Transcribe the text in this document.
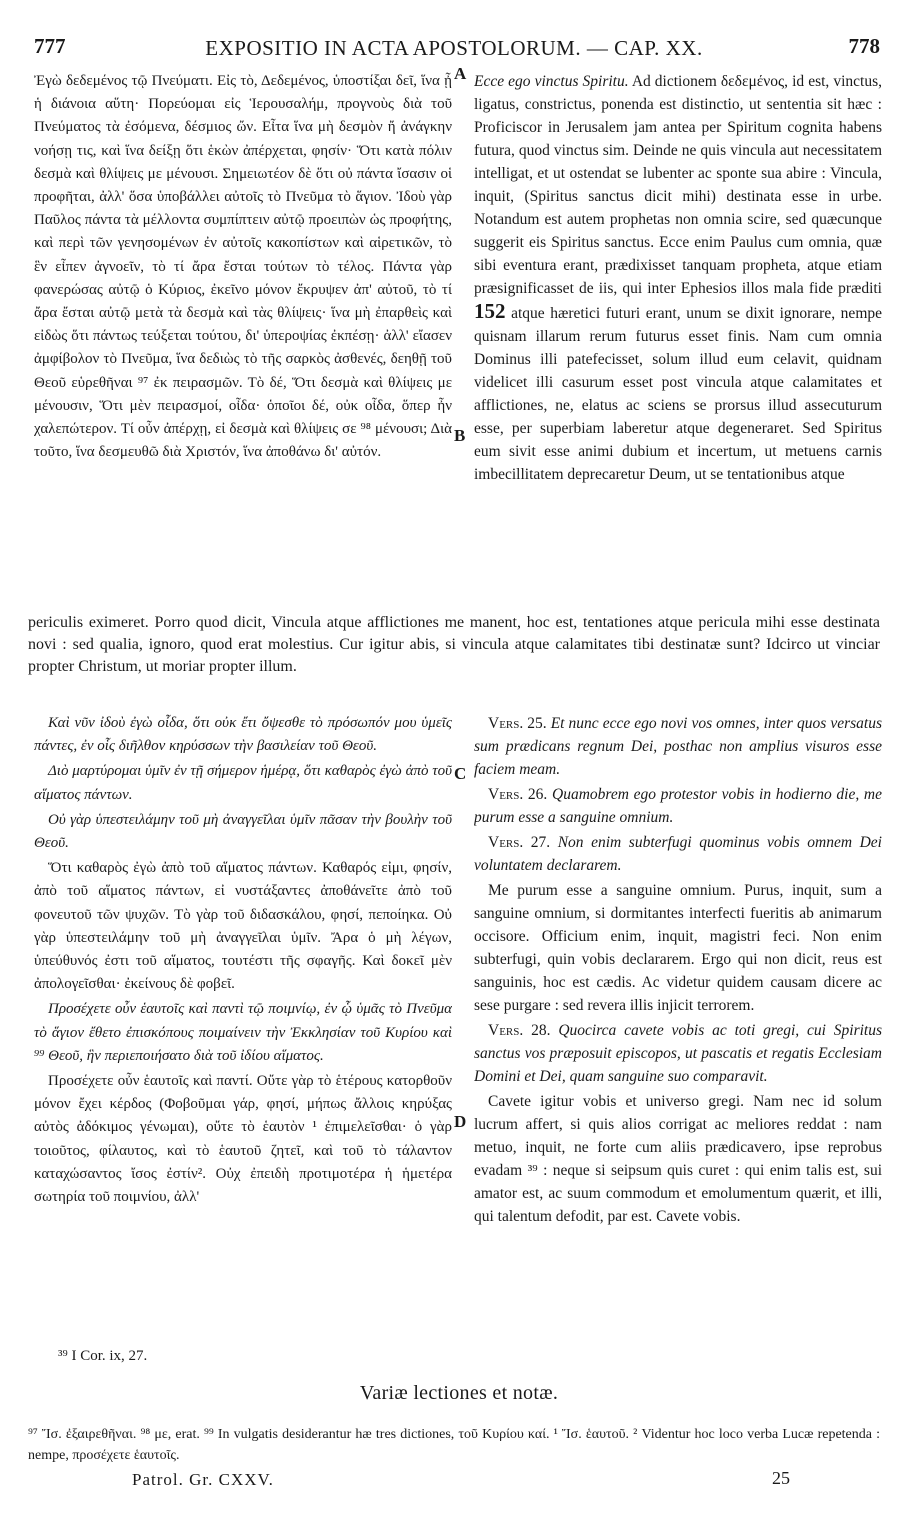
777	EXPOSITIO IN ACTA APOSTOLORUM. — CAP. XX.	778

Ἐγὼ δεδεμένος τῷ Πνεύματι. Εἰς τὸ, Δεδεμένος, ὑποστίξαι δεῖ, ἵνα ᾖ ἡ διάνοια αὕτη· Πορεύομαι εἰς Ἱερουσαλήμ, προγνοὺς διὰ τοῦ Πνεύματος τὰ ἐσόμενα, δέσμιος ὤν. Εἶτα ἵνα μὴ δεσμὸν ἤ ἀνάγκην νοήσῃ τις, καὶ ἵνα δείξῃ ὅτι ἑκὼν ἀπέρχεται, φησίν· Ὅτι κατὰ πόλιν δεσμὰ καὶ θλίψεις με μένουσι. Σημειωτέον δὲ ὅτι οὐ πάντα ἴσασιν οἱ προφῆται, ἀλλ' ὅσα ὑποβάλλει αὐτοῖς τὸ Πνεῦμα τὸ ἅγιον. Ἰδοὺ γὰρ Παῦλος πάντα τὰ μέλλοντα συμπίπτειν αὐτῷ προειπὼν ὡς προφήτης, καὶ περὶ τῶν γενησομένων ἐν αὐτοῖς κακοπίστων καὶ αἱρετικῶν, τὸ ἓν εἶπεν ἀγνοεῖν, τὸ τί ἄρα ἔσται τούτων τὸ τέλος. Πάντα γὰρ φανερώσας αὐτῷ ὁ Κύριος, ἐκεῖνο μόνον ἔκρυψεν ἀπ' αὐτοῦ, τὸ τί ἄρα ἔσται αὐτῷ μετὰ τὰ δεσμὰ καὶ τὰς θλίψεις· ἵνα μὴ ἐπαρθεὶς καὶ εἰδὼς ὅτι πάντως τεύξεται τούτου, δι' ὑπεροψίας ἐκπέσῃ· ἀλλ' εἴασεν ἀμφίβολον τὸ Πνεῦμα, ἵνα δεδιὼς τὸ τῆς σαρκὸς ἀσθενές, δεηθῇ τοῦ Θεοῦ εὑρεθῆναι ⁹⁷ ἐκ πειρασμῶν. Τὸ δέ, Ὅτι δεσμὰ καὶ θλίψεις με μένουσιν, Ὅτι μὲν πειρασμοί, οἶδα· ὁποῖοι δέ, οὐκ οἶδα, ὅπερ ἦν χαλεπώτερον. Τί οὖν ἀπέρχῃ, εἰ δεσμὰ καὶ θλίψεις σε ⁹⁸ μένουσι; Διὰ τοῦτο, ἵνα δεσμευθῶ διὰ Χριστόν, ἵνα ἀποθάνω δι' αὐτόν.

Ecce ego vinctus Spiritu. Ad dictionem δεδεμένος, id est, vinctus, ligatus, constrictus, ponenda est distinctio, ut sententia sit hæc : Proficiscor in Jerusalem jam antea per Spiritum cognita habens futura, quod vinctus sim. Deinde ne quis vincula aut necessitatem intelligat, et ut ostendat se lubenter ac sponte sua abire : Vincula, inquit, (Spiritus sanctus dicit mihi) destinata esse in urbe. Notandum est autem prophetas non omnia scire, sed quæcunque suggerit eis Spiritus sanctus. Ecce enim Paulus cum omnia, quæ sibi eventura erant, prædixisset tanquam propheta, atque etiam præsignificasset de iis, qui inter Ephesios illos mala fide præditi 152 atque hæretici futuri erant, unum se dixit ignorare, nempe quisnam illarum rerum futurus esset finis. Nam cum omnia Dominus illi patefecisset, solum illud eum celavit, quidnam videlicet illi casurum esset post vincula atque calamitates et afflictiones, ne, elatus ac sciens se prorsus illud assecuturum esse, per superbiam laberetur atque degeneraret. Sed Spiritus eum sivit esse animi dubium et incertum, ut metuens carnis imbecillitatem deprecaretur Deum, ut se tentationibus atque

A
B
periculis eximeret. Porro quod dicit, Vincula atque afflictiones me manent, hoc est, tentationes atque pericula mihi esse destinata novi : sed qualia, ignoro, quod erat molestius. Cur igitur abis, si vincula atque calamitates tibi destinatæ sunt? Idcirco ut vinciar propter Christum, ut moriar propter illum.

Καὶ νῦν ἰδοὺ ἐγὼ οἶδα, ὅτι οὐκ ἔτι ὄψεσθε τὸ πρόσωπόν μου ὑμεῖς πάντες, ἐν οἷς διῆλθον κηρύσσων τὴν βασιλείαν τοῦ Θεοῦ.

Διὸ μαρτύρομαι ὑμῖν ἐν τῇ σήμερον ἡμέρᾳ, ὅτι καθαρὸς ἐγὼ ἀπὸ τοῦ αἵματος πάντων.

Οὐ γὰρ ὑπεστειλάμην τοῦ μὴ ἀναγγεῖλαι ὑμῖν πᾶσαν τὴν βουλὴν τοῦ Θεοῦ.

Ὅτι καθαρὸς ἐγὼ ἀπὸ τοῦ αἵματος πάντων. Καθαρός εἰμι, φησίν, ἀπὸ τοῦ αἵματος πάντων, εἰ νυστάξαντες ἀποθάνεῖτε ἀπὸ τοῦ φονευτοῦ τῶν ψυχῶν. Τὸ γὰρ τοῦ διδασκάλου, φησί, πεποίηκα. Οὐ γὰρ ὑπεστειλάμην τοῦ μὴ ἀναγγεῖλαι ὑμῖν. Ἄρα ὁ μὴ λέγων, ὑπεύθυνός ἐστι τοῦ αἵματος, τουτέστι τῆς σφαγῆς. Καὶ δοκεῖ μὲν ἀπολογεῖσθαι· ἐκείνους δὲ φοβεῖ.

Προσέχετε οὖν ἑαυτοῖς καὶ παντὶ τῷ ποιμνίῳ, ἐν ᾧ ὑμᾶς τὸ Πνεῦμα τὸ ἅγιον ἔθετο ἐπισκόπους ποιμαίνειν τὴν Ἐκκλησίαν τοῦ Κυρίου καὶ ⁹⁹ Θεοῦ, ἣν περιεποιήσατο διὰ τοῦ ἰδίου αἵματος.

Προσέχετε οὖν ἑαυτοῖς καὶ παντί. Οὔτε γὰρ τὸ ἑτέρους κατορθοῦν μόνον ἔχει κέρδος (Φοβοῦμαι γάρ, φησί, μήπως ἄλλοις κηρύξας αὐτὸς ἀδόκιμος γένωμαι), οὔτε τὸ ἑαυτὸν ¹ ἐπιμελεῖσθαι· ὁ γὰρ τοιοῦτος, φίλαυτος, καὶ τὸ ἑαυτοῦ ζητεῖ, καὶ τοῦ τὸ τάλαντον καταχώσαντος ἴσος ἐστίν². Οὐχ ἐπειδὴ προτιμοτέρα ἡ ἡμετέρα σωτηρία τοῦ ποιμνίου, ἀλλ'

Vers. 25. Et nunc ecce ego novi vos omnes, inter quos versatus sum prædicans regnum Dei, posthac non amplius visuros esse faciem meam.

Vers. 26. Quamobrem ego protestor vobis in hodierno die, me purum esse a sanguine omnium.

Vers. 27. Non enim subterfugi quominus vobis omnem Dei voluntatem declararem.

Me purum esse a sanguine omnium. Purus, inquit, sum a sanguine omnium, si dormitantes interfecti fueritis ab animarum occisore. Officium enim, inquit, magistri feci. Non enim subterfugi, quin vobis declararem. Ergo qui non dicit, reus est sanguinis, hoc est cædis. Ac videtur quidem causam dicere ac sese purgare : sed revera illis injicit terrorem.

Vers. 28. Quocirca cavete vobis ac toti gregi, cui Spiritus sanctus vos præposuit episcopos, ut pascatis et regatis Ecclesiam Domini et Dei, quam sanguine suo comparavit.

Cavete igitur vobis et universo gregi. Nam nec id solum lucrum affert, si quis alios corrigat ac meliores reddat : nam metuo, inquit, ne forte cum aliis prædicavero, ipse reprobus evadam ³⁹ : neque si seipsum quis curet : qui enim talis est, sui amator est, ac suum commodum et emolumentum quærit, et illi, qui talentum defodit, par est. Cavete vobis.

C
D
³⁹ I Cor. ix, 27.
Variæ lectiones et notæ.
⁹⁷ Ἴσ. ἐξαιρεθῆναι. ⁹⁸ με, erat. ⁹⁹ In vulgatis desiderantur hæ tres dictiones, τοῦ Κυρίου καί. ¹ Ἴσ. ἑαυτοῦ. ² Videntur hoc loco verba Lucæ repetenda : nempe, προσέχετε ἑαυτοῖς.
Patrol. Gr. CXXV.	25
